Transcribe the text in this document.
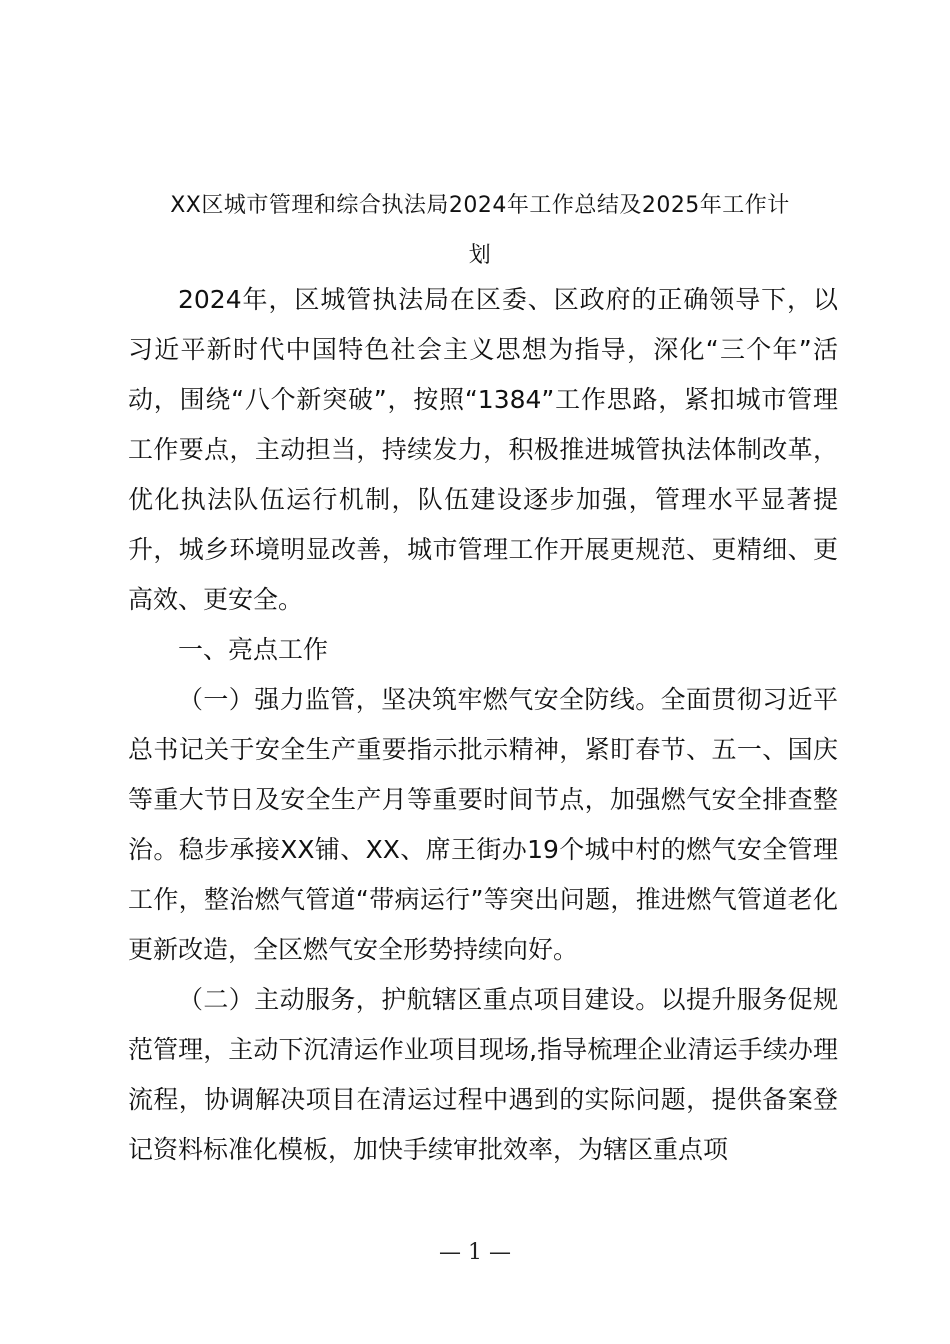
XX区城市管理和综合执法局2024年工作总结及2025年工作计
划
2024年，区城管执法局在区委、区政府的正确领导下，以习近平新时代中国特色社会主义思想为指导，深化“三个年”活动，围绕“八个新突破”，按照“1384”工作思路，紧扣城市管理工作要点，主动担当，持续发力，积极推进城管执法体制改革，优化执法队伍运行机制，队伍建设逐步加强，管理水平显著提升，城乡环境明显改善，城市管理工作开展更规范、更精细、更高效、更安全。
一、亮点工作
（一）强力监管，坚决筑牢燃气安全防线。全面贯彻习近平总书记关于安全生产重要指示批示精神，紧盯春节、五一、国庆等重大节日及安全生产月等重要时间节点，加强燃气安全排查整治。稳步承接XX铺、XX、席王街办19个城中村的燃气安全管理工作，整治燃气管道“带病运行”等突出问题，推进燃气管道老化更新改造，全区燃气安全形势持续向好。
（二）主动服务，护航辖区重点项目建设。以提升服务促规范管理，主动下沉清运作业项目现场,指导梳理企业清运手续办理流程，协调解决项目在清运过程中遇到的实际问题，提供备案登记资料标准化模板，加快手续审批效率，为辖区重点项
— 1 —
